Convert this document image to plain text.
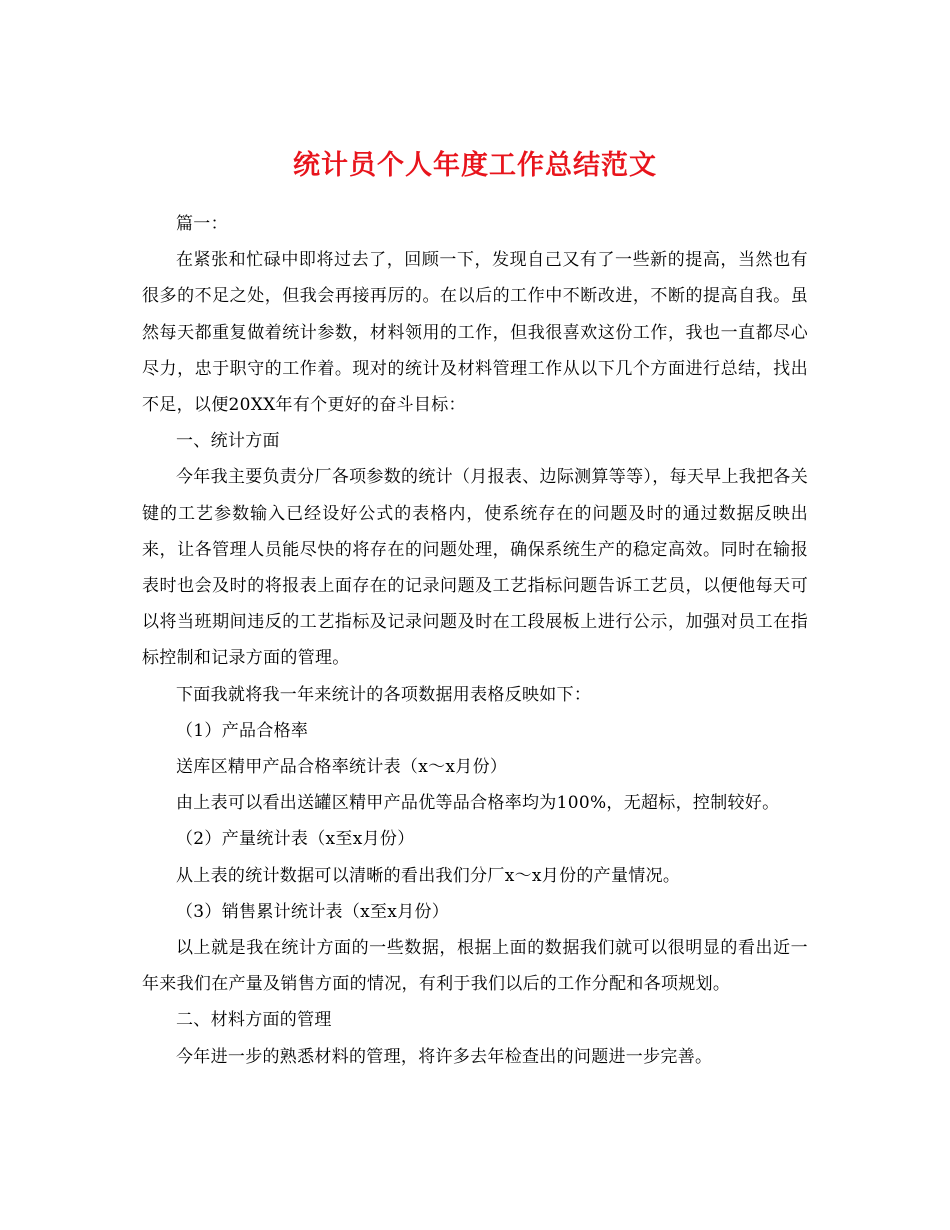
统计员个人年度工作总结范文

篇一：

在紧张和忙碌中即将过去了，回顾一下，发现自己又有了一些新的提高，当然也有很多的不足之处，但我会再接再厉的。在以后的工作中不断改进，不断的提高自我。虽然每天都重复做着统计参数，材料领用的工作，但我很喜欢这份工作，我也一直都尽心尽力，忠于职守的工作着。现对的统计及材料管理工作从以下几个方面进行总结，找出不足，以便20XX年有个更好的奋斗目标：

一、统计方面

今年我主要负责分厂各项参数的统计（月报表、边际测算等等），每天早上我把各关键的工艺参数输入已经设好公式的表格内，使系统存在的问题及时的通过数据反映出来，让各管理人员能尽快的将存在的问题处理，确保系统生产的稳定高效。同时在输报表时也会及时的将报表上面存在的记录问题及工艺指标问题告诉工艺员，以便他每天可以将当班期间违反的工艺指标及记录问题及时在工段展板上进行公示，加强对员工在指标控制和记录方面的管理。

下面我就将我一年来统计的各项数据用表格反映如下：

（1）产品合格率

送库区精甲产品合格率统计表（x～x月份）

由上表可以看出送罐区精甲产品优等品合格率均为100%，无超标，控制较好。

（2）产量统计表（x至x月份）

从上表的统计数据可以清晰的看出我们分厂x～x月份的产量情况。

（3）销售累计统计表（x至x月份）

以上就是我在统计方面的一些数据，根据上面的数据我们就可以很明显的看出近一年来我们在产量及销售方面的情况，有利于我们以后的工作分配和各项规划。

二、材料方面的管理

今年进一步的熟悉材料的管理，将许多去年检查出的问题进一步完善。
